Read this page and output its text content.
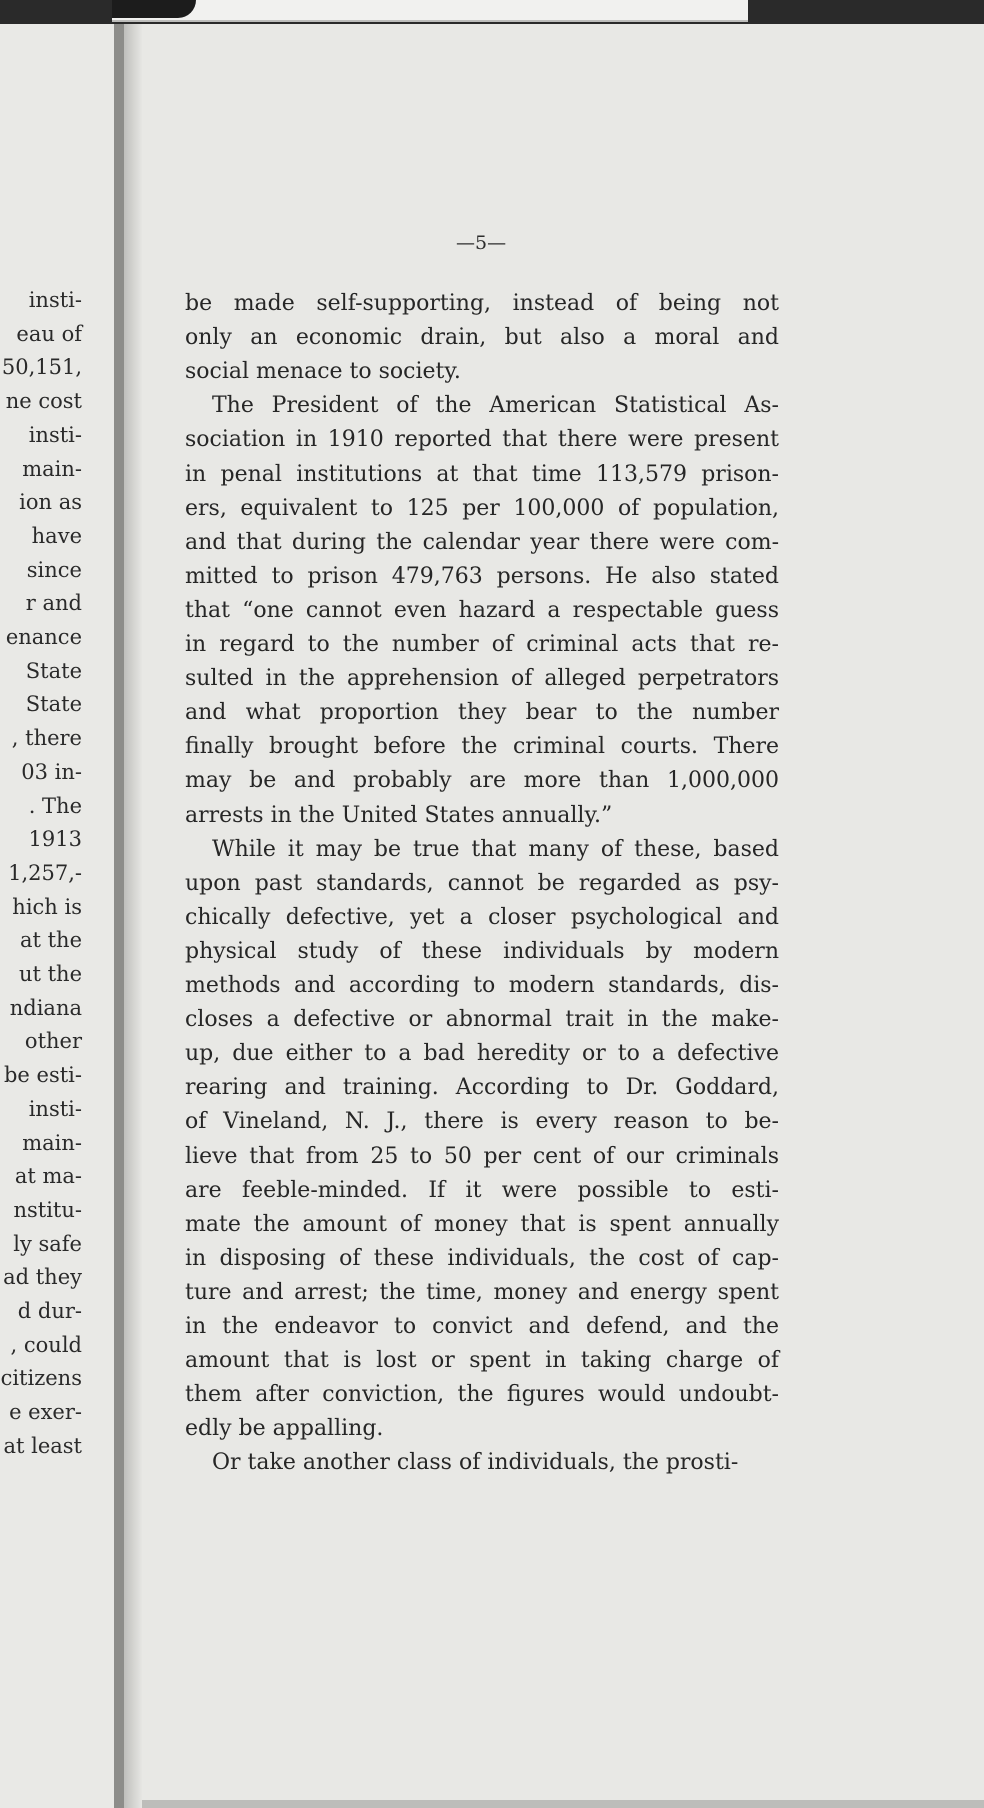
insti-
eau of
50,151,
ne cost
insti-
main-
ion as
have
since
r and
enance
State
State
, there
03 in-
. The
1913
1,257,-
hich is
at the
ut the
ndiana
other
be esti-
insti-
main-
at ma-
nstitu-
ly safe
ad they
d dur-
, could
citizens
e exer-
at least
—5—
be made self-supporting, instead of being not
only an economic drain, but also a moral and
social menace to society.
The President of the American Statistical As-
sociation in 1910 reported that there were present
in penal institutions at that time 113,579 prison-
ers, equivalent to 125 per 100,000 of population,
and that during the calendar year there were com-
mitted to prison 479,763 persons. He also stated
that “one cannot even hazard a respectable guess
in regard to the number of criminal acts that re-
sulted in the apprehension of alleged perpetrators
and what proportion they bear to the number
finally brought before the criminal courts. There
may be and probably are more than 1,000,000
arrests in the United States annually.”
While it may be true that many of these, based
upon past standards, cannot be regarded as psy-
chically defective, yet a closer psychological and
physical study of these individuals by modern
methods and according to modern standards, dis-
closes a defective or abnormal trait in the make-
up, due either to a bad heredity or to a defective
rearing and training. According to Dr. Goddard,
of Vineland, N. J., there is every reason to be-
lieve that from 25 to 50 per cent of our criminals
are feeble-minded. If it were possible to esti-
mate the amount of money that is spent annually
in disposing of these individuals, the cost of cap-
ture and arrest; the time, money and energy spent
in the endeavor to convict and defend, and the
amount that is lost or spent in taking charge of
them after conviction, the figures would undoubt-
edly be appalling.
Or take another class of individuals, the prosti-
